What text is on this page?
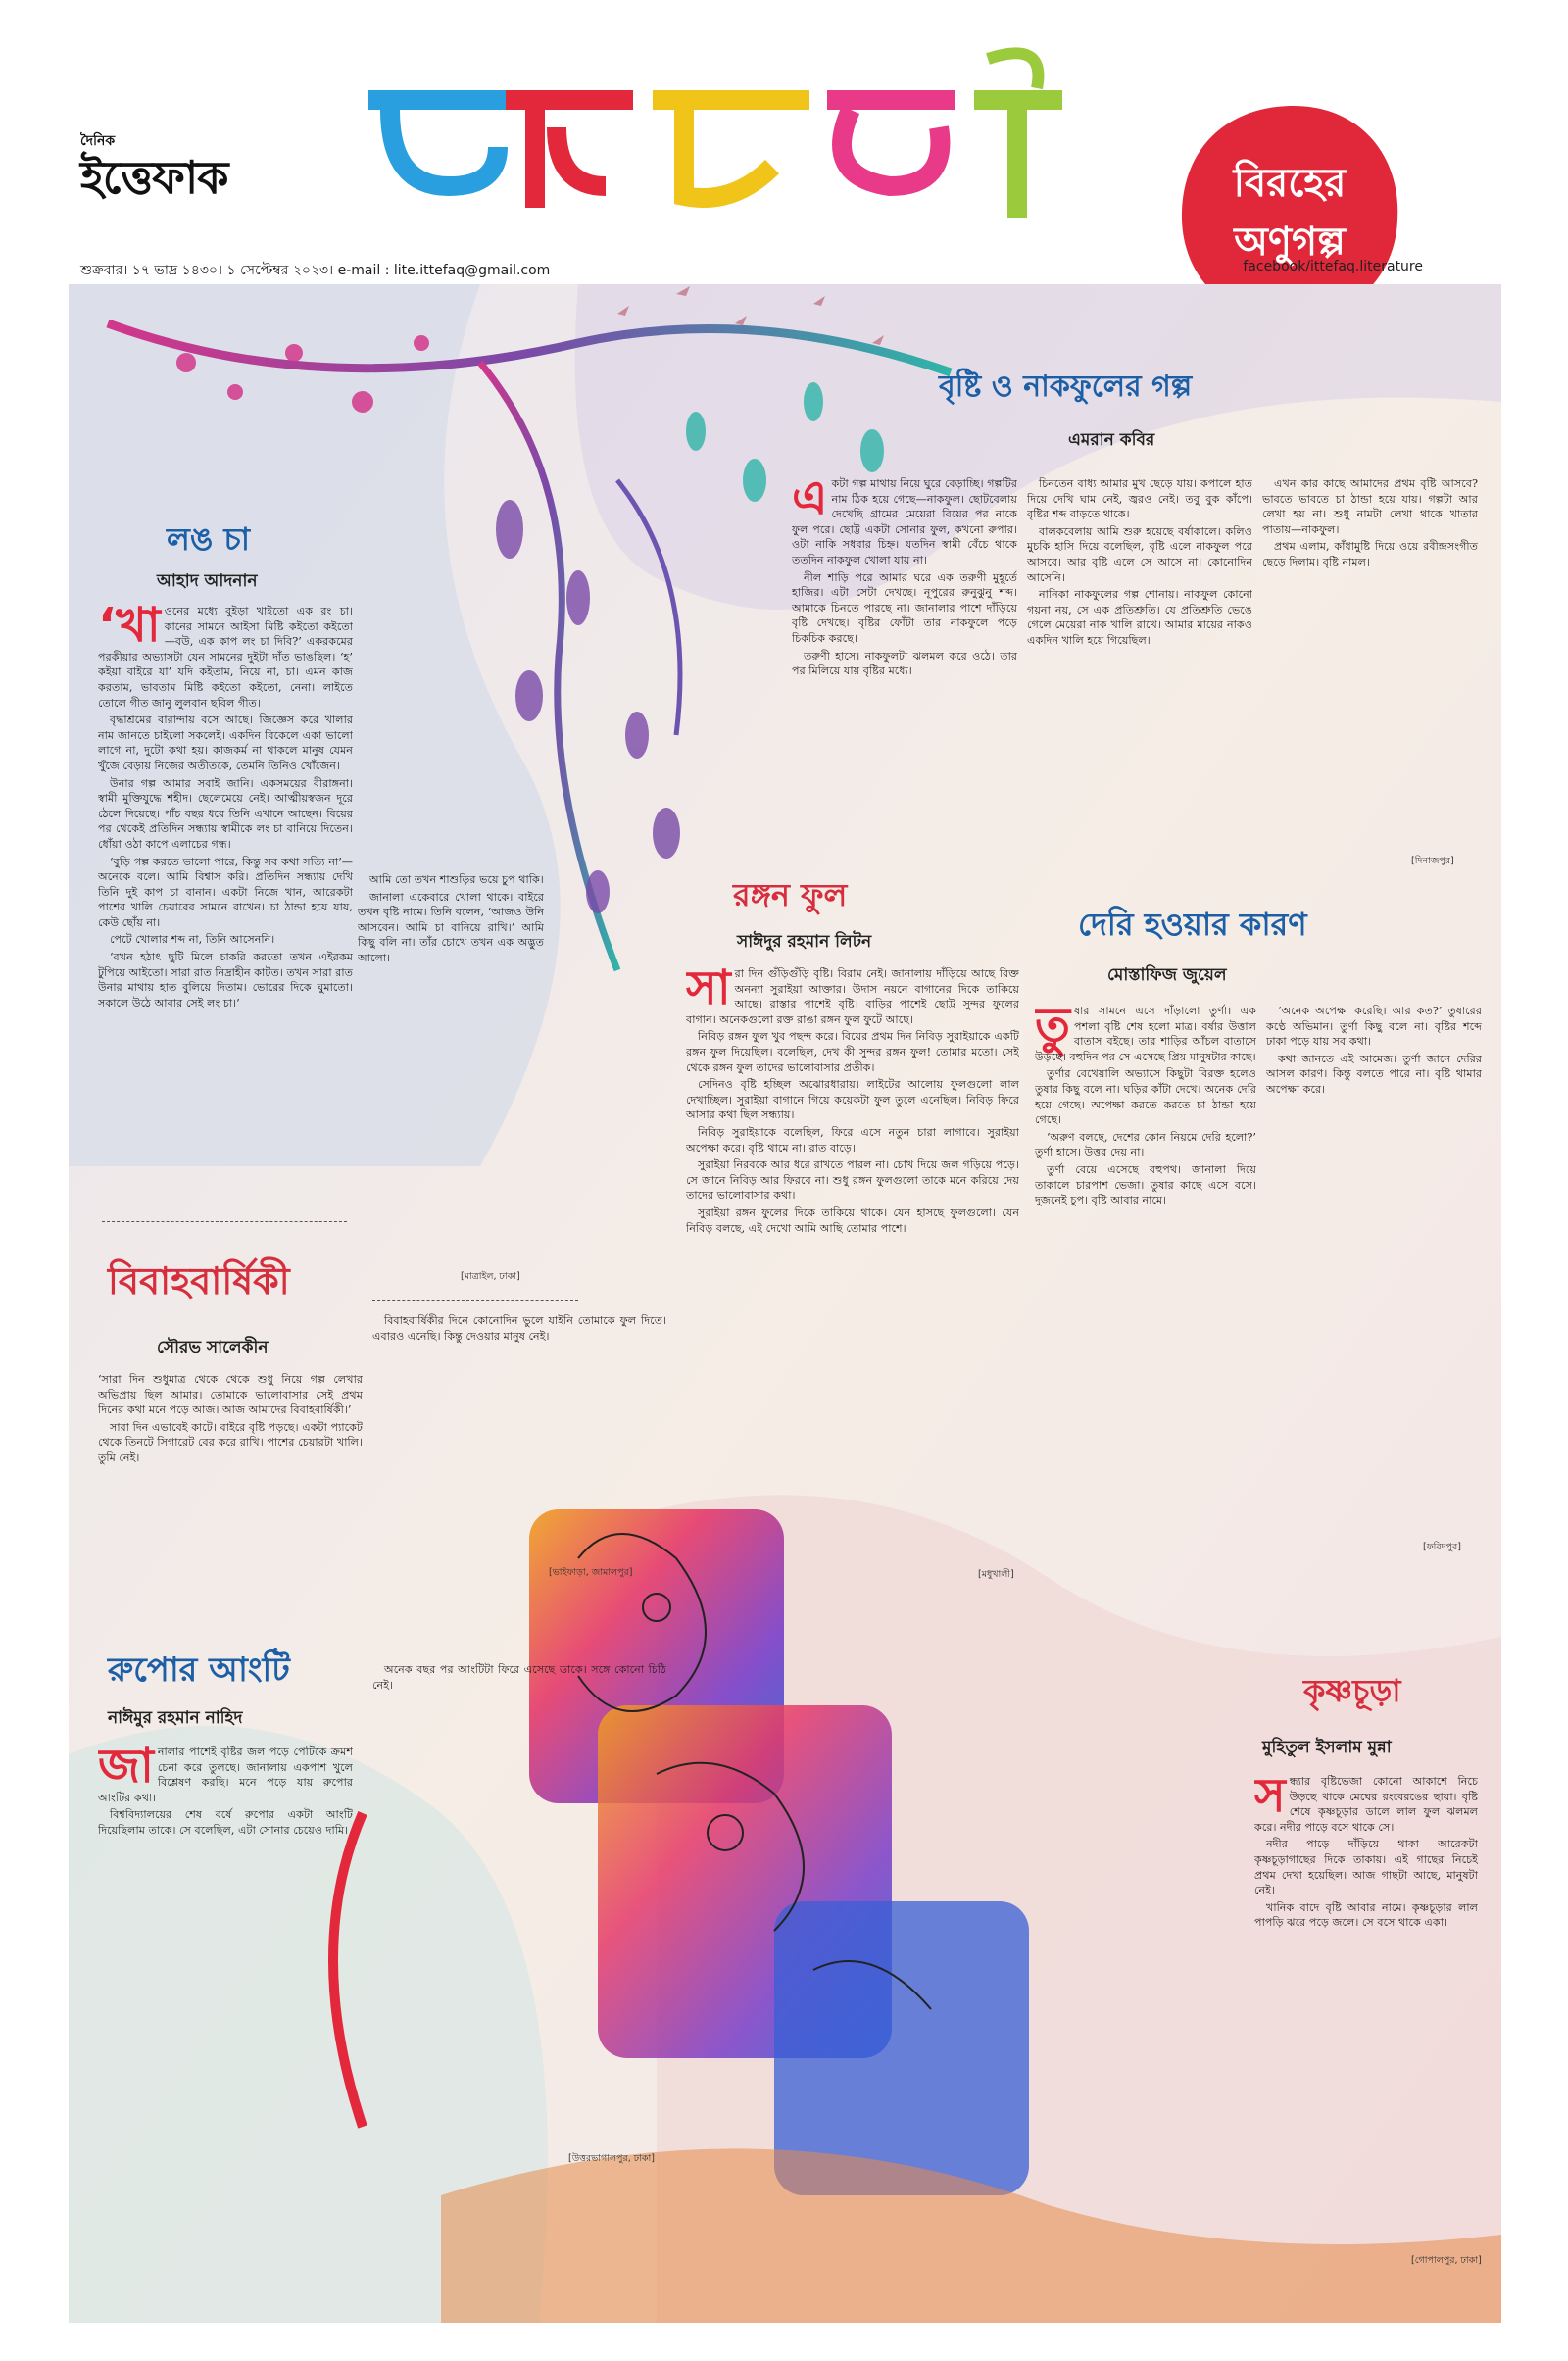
দৈনিক
ইত্তেফাক	বিরহের
অণুগল্প
শুক্রবার। ১৭ ভাদ্র ১৪৩০। ১ সেপ্টেম্বর ২০২৩। e-mail : lite.ittefaq@gmail.com	facebook/ittefaq.literature
লঙ চা
আহাদ আদনান

‘খাওনের মধ্যে বুইড়া খাইতো এক রং চা। কানের সামনে আইসা মিষ্টি কইতো কইতো—বউ, এক কাপ লং চা দিবি?’ একরকমের পরকীয়ার অভ্যাসটা যেন সামনের দুইটা দাঁত ভাঙছিল। ‘হ’ কইয়া বাইরে যা’ যদি কইতাম, নিয়ে না, চা। এমন কাজ করতাম, ভাবতাম মিষ্টি কইতো কইতো, নেনা। লাইতে তোলে গীত জানু লুলবান ছবিল গীত।

বৃদ্ধাশ্রমের বারান্দায় বসে আছে। জিজ্ঞেস করে খালার নাম জানতে চাইলো সকলেই। একদিন বিকেলে একা ভালো লাগে না, দুটো কথা হয়। কাজকর্ম না থাকলে মানুষ যেমন খুঁজে বেড়ায় নিজের অতীতকে, তেমনি তিনিও খোঁজেন।

উনার গল্প আমার সবাই জানি। একসময়ের বীরাঙ্গনা। স্বামী মুক্তিযুদ্ধে শহীদ। ছেলেমেয়ে নেই। আত্মীয়স্বজন দূরে ঠেলে দিয়েছে। পাঁচ বছর ধরে তিনি এখানে আছেন। বিয়ের পর থেকেই প্রতিদিন সন্ধ্যায় স্বামীকে লং চা বানিয়ে দিতেন। ধোঁয়া ওঠা কাপে এলাচের গন্ধ।

‘বুড়ি গল্প করতে ভালো পারে, কিন্তু সব কথা সত্যি না’—অনেকে বলে। আমি বিশ্বাস করি। প্রতিদিন সন্ধ্যায় দেখি তিনি দুই কাপ চা বানান। একটা নিজে খান, আরেকটা পাশের খালি চেয়ারের সামনে রাখেন। চা ঠান্ডা হয়ে যায়, কেউ ছোঁয় না।

পেটে খোলার শব্দ না, তিনি আসেননি।

‘বখন হঠাৎ ছুটি মিলে চাকরি করতো তখন এইরকম টুপিয়ে আইতো। সারা রাত নিদ্রাহীন কাটত। তখন সারা রাত উনার মাথায় হাত বুলিয়ে দিতাম। ভোরের দিকে ঘুমাতো। সকালে উঠে আবার সেই লং চা।’

আমি তো তখন শাশুড়ির ভয়ে চুপ থাকি।

জানালা একেবারে খোলা থাকে। বাইরে তখন বৃষ্টি নামে। তিনি বলেন, ‘আজও উনি আসবেন। আমি চা বানিয়ে রাখি।’ আমি কিছু বলি না। তাঁর চোখে তখন এক অদ্ভুত আলো।

[মাত্রাইল, ঢাকা]
বৃষ্টি ও নাকফুলের গল্প
এমরান কবির

একটা গল্প মাথায় নিয়ে ঘুরে বেড়াচ্ছি। গল্পটির নাম ঠিক হয়ে গেছে—নাকফুল। ছোটবেলায় দেখেছি গ্রামের মেয়েরা বিয়ের পর নাকে ফুল পরে। ছোট্ট একটা সোনার ফুল, কখনো রুপার। ওটা নাকি সধবার চিহ্ন। যতদিন স্বামী বেঁচে থাকে ততদিন নাকফুল খোলা যায় না।

নীল শাড়ি পরে আমার ঘরে এক তরুণী মুহূর্তে হাজির। এটা সেটা দেখছে। নূপুরের রুনুঝুনু শব্দ। আমাকে চিনতে পারছে না। জানালার পাশে দাঁড়িয়ে বৃষ্টি দেখছে। বৃষ্টির ফোঁটা তার নাকফুলে পড়ে চিকচিক করছে।

তরুণী হাসে। নাকফুলটা ঝলমল করে ওঠে। তার পর মিলিয়ে যায় বৃষ্টির মধ্যে।

চিনতেন বাধ্য আমার মুখ ছেড়ে যায়। কপালে হাত দিয়ে দেখি ঘাম নেই, জ্বরও নেই। তবু বুক কাঁপে। বৃষ্টির শব্দ বাড়তে থাকে।

বালকবেলায় আমি শুরু হয়েছে বর্ষাকালে। কলিও মুচকি হাসি দিয়ে বলেছিল, বৃষ্টি এলে নাকফুল পরে আসবে। আর বৃষ্টি এলে সে আসে না। কোনোদিন আসেনি।

নানিকা নাকফুলের গল্প শোনায়। নাকফুল কোনো গয়না নয়, সে এক প্রতিশ্রুতি। যে প্রতিশ্রুতি ভেঙে গেলে মেয়েরা নাক খালি রাখে। আমার মায়ের নাকও একদিন খালি হয়ে গিয়েছিল।

এখন কার কাছে আমাদের প্রথম বৃষ্টি আসবে? ভাবতে ভাবতে চা ঠান্ডা হয়ে যায়। গল্পটা আর লেখা হয় না। শুধু নামটা লেখা থাকে খাতার পাতায়—নাকফুল।

প্রথম এলাম, কাঁধামুষ্টি দিয়ে ওয়ে রবীন্দ্রসংগীত ছেড়ে দিলাম। বৃষ্টি নামল।

[দিনাজপুর]
রঙ্গন ফুল
সাঈদুর রহমান লিটন

সারা দিন গুঁড়িগুঁড়ি বৃষ্টি। বিরাম নেই। জানালায় দাঁড়িয়ে আছে রিক্ত অনন্যা সুরাইয়া আক্তার। উদাস নয়নে বাগানের দিকে তাকিয়ে আছে। রাস্তার পাশেই বৃষ্টি। বাড়ির পাশেই ছোট্ট সুন্দর ফুলের বাগান। অনেকগুলো রক্ত রাঙা রঙ্গন ফুল ফুটে আছে।

নিবিড় রঙ্গন ফুল খুব পছন্দ করে। বিয়ের প্রথম দিন নিবিড় সুরাইয়াকে একটি রঙ্গন ফুল দিয়েছিল। বলেছিল, দেখ কী সুন্দর রঙ্গন ফুল! তোমার মতো। সেই থেকে রঙ্গন ফুল তাদের ভালোবাসার প্রতীক।

সেদিনও বৃষ্টি হচ্ছিল অঝোরধারায়। লাইটের আলোয় ফুলগুলো লাল দেখাচ্ছিল। সুরাইয়া বাগানে গিয়ে কয়েকটা ফুল তুলে এনেছিল। নিবিড় ফিরে আসার কথা ছিল সন্ধ্যায়।

নিবিড় সুরাইয়াকে বলেছিল, ফিরে এসে নতুন চারা লাগাবে। সুরাইয়া অপেক্ষা করে। বৃষ্টি থামে না। রাত বাড়ে।

সুরাইয়া নিরবকে আর ধরে রাখতে পারল না। চোখ দিয়ে জল গড়িয়ে পড়ে। সে জানে নিবিড় আর ফিরবে না। শুধু রঙ্গন ফুলগুলো তাকে মনে করিয়ে দেয় তাদের ভালোবাসার কথা।

সুরাইয়া রঙ্গন ফুলের দিকে তাকিয়ে থাকে। যেন হাসছে ফুলগুলো। যেন নিবিড় বলছে, এই দেখো আমি আছি তোমার পাশে।

[মধুখালী]
দেরি হওয়ার কারণ
মোস্তাফিজ জুয়েল

তুষার সামনে এসে দাঁড়ালো তুর্ণা। এক পশলা বৃষ্টি শেষ হলো মাত্র। বর্ষার উত্তাল বাতাস বইছে। তার শাড়ির আঁচল বাতাসে উড়ছে। বহুদিন পর সে এসেছে প্রিয় মানুষটার কাছে।

তুর্ণার বেখেয়ালি অভ্যাসে কিছুটা বিরক্ত হলেও তুষার কিছু বলে না। ঘড়ির কাঁটা দেখে। অনেক দেরি হয়ে গেছে। অপেক্ষা করতে করতে চা ঠান্ডা হয়ে গেছে।

‘অরুণ বলছে, দেশের কোন নিয়মে দেরি হলো?’ তুর্ণা হাসে। উত্তর দেয় না।

তুর্ণা বেয়ে এসেছে বহুপথ। জানালা দিয়ে তাকালে চারপাশ ভেজা। তুষার কাছে এসে বসে। দুজনেই চুপ। বৃষ্টি আবার নামে।

‘অনেক অপেক্ষা করেছি। আর কত?’ তুষারের কণ্ঠে অভিমান। তুর্ণা কিছু বলে না। বৃষ্টির শব্দে ঢাকা পড়ে যায় সব কথা।

কথা জানতে এই আমেজ। তুর্ণা জানে দেরির আসল কারণ। কিন্তু বলতে পারে না। বৃষ্টি থামার অপেক্ষা করে।

[ফরিদপুর]
বিবাহবার্ষিকী
সৌরভ সালেকীন

‘সারা দিন শুধুমাত্র থেকে থেকে শুধু নিয়ে গল্প লেখার অভিপ্রায় ছিল আমার। তোমাকে ভালোবাসার সেই প্রথম দিনের কথা মনে পড়ে আজ। আজ আমাদের বিবাহবার্ষিকী।’

সারা দিন এভাবেই কাটে। বাইরে বৃষ্টি পড়ছে। একটা প্যাকেট থেকে তিনটে সিগারেট বের করে রাখি। পাশের চেয়ারটা খালি। তুমি নেই।

বিবাহবার্ষিকীর দিনে কোনোদিন ভুলে যাইনি তোমাকে ফুল দিতে। এবারও এনেছি। কিন্তু দেওয়ার মানুষ নেই।

[ভাইফাড়া, জামালপুর]
রুপোর আংটি
নাঈমুর রহমান নাহিদ

জানালার পাশেই বৃষ্টির জল পড়ে পেটিকে ক্রমশ চেনা করে তুলছে। জানালায় একপাশ খুলে বিশ্লেষণ করছি। মনে পড়ে যায় রুপোর আংটির কথা।

বিশ্ববিদ্যালয়ের শেষ বর্ষে রুপোর একটা আংটি দিয়েছিলাম তাকে। সে বলেছিল, এটা সোনার চেয়েও দামি।

অনেক বছর পর আংটিটা ফিরে এসেছে ডাকে। সঙ্গে কোনো চিঠি নেই।

[উত্তরভাগালপুর, ঢাকা]
কৃষ্ণচূড়া
মুহিতুল ইসলাম মুন্না

সন্ধ্যার বৃষ্টিভেজা কোনো আকাশে নিচে উড়ছে থাকে মেঘের রংবেরঙের ছায়া। বৃষ্টি শেষে কৃষ্ণচূড়ার ডালে লাল ফুল ঝলমল করে। নদীর পাড়ে বসে থাকে সে।

নদীর পাড়ে দাঁড়িয়ে থাকা আরেকটা কৃষ্ণচূড়াগাছের দিকে তাকায়। এই গাছের নিচেই প্রথম দেখা হয়েছিল। আজ গাছটা আছে, মানুষটা নেই।

খানিক বাদে বৃষ্টি আবার নামে। কৃষ্ণচূড়ার লাল পাপড়ি ঝরে পড়ে জলে। সে বসে থাকে একা।

[গোপালপুর, ঢাকা]
